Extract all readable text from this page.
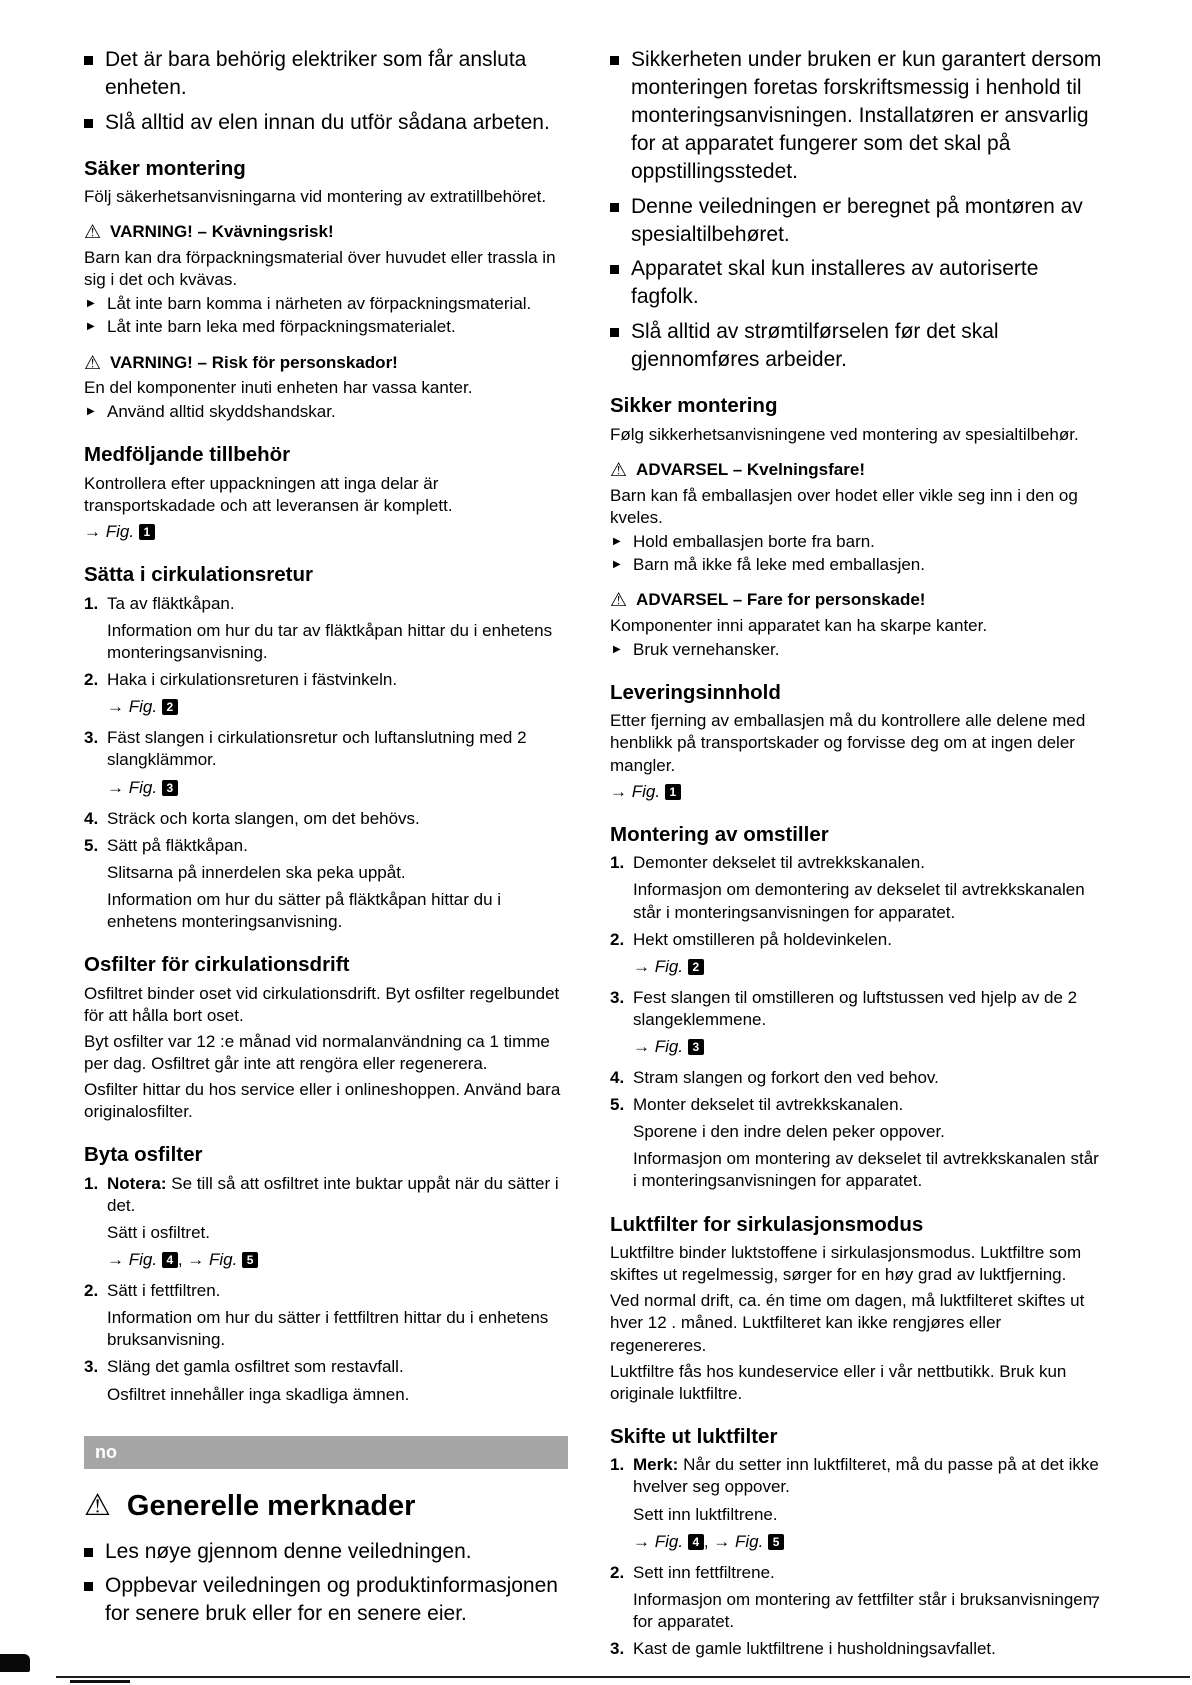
Det är bara behörig elektriker som får ansluta enheten.
Slå alltid av elen innan du utför sådana arbeten.
Säker montering
Följ säkerhetsanvisningarna vid montering av extratillbehöret.
⚠ VARNING! – Kvävningsrisk!
Barn kan dra förpackningsmaterial över huvudet eller trassla in sig i det och kvävas.
▶ Låt inte barn komma i närheten av förpackningsmaterial.
▶ Låt inte barn leka med förpackningsmaterialet.
⚠ VARNING! – Risk för personskador!
En del komponenter inuti enheten har vassa kanter.
▶ Använd alltid skyddshandskar.
Medföljande tillbehör
Kontrollera efter uppackningen att inga delar är transportskadade och att leveransen är komplett.
→ Fig. 1
Sätta i cirkulationsretur
1. Ta av fläktkåpan.
Information om hur du tar av fläktkåpan hittar du i enhetens monteringsanvisning.
2. Haka i cirkulationsreturen i fästvinkeln.
→ Fig. 2
3. Fäst slangen i cirkulationsretur och luftanslutning med 2 slangklämmor.
→ Fig. 3
4. Sträck och korta slangen, om det behövs.
5. Sätt på fläktkåpan.
Slitsarna på innerdelen ska peka uppåt.
Information om hur du sätter på fläktkåpan hittar du i enhetens monteringsanvisning.
Osfilter för cirkulationsdrift
Osfiltret binder oset vid cirkulationsdrift. Byt osfilter regelbundet för att hålla bort oset.
Byt osfilter var 12 :e månad vid normalanvändning ca 1 timme per dag. Osfiltret går inte att rengöra eller regenerera.
Osfilter hittar du hos service eller i onlineshoppen. Använd bara originalosfilter.
Byta osfilter
1. Notera: Se till så att osfiltret inte buktar uppåt när du sätter i det.
Sätt i osfiltret.
→ Fig. 4 , → Fig. 5
2. Sätt i fettfiltren.
Information om hur du sätter i fettfiltren hittar du i enhetens bruksanvisning.
3. Släng det gamla osfiltret som restavfall.
Osfiltret innehåller inga skadliga ämnen.
no
⚠ Generelle merknader
Les nøye gjennom denne veiledningen.
Oppbevar veiledningen og produktinformasjonen for senere bruk eller for en senere eier.
Sikkerheten under bruken er kun garantert dersom monteringen foretas forskriftsmessig i henhold til monteringsanvisningen. Installatøren er ansvarlig for at apparatet fungerer som det skal på oppstillingsstedet.
Denne veiledningen er beregnet på montøren av spesialtilbehøret.
Apparatet skal kun installeres av autoriserte fagfolk.
Slå alltid av strømtilførselen før det skal gjennomføres arbeider.
Sikker montering
Følg sikkerhetsanvisningene ved montering av spesialtilbehør.
⚠ ADVARSEL – Kvelningsfare!
Barn kan få emballasjen over hodet eller vikle seg inn i den og kveles.
▶ Hold emballasjen borte fra barn.
▶ Barn må ikke få leke med emballasjen.
⚠ ADVARSEL – Fare for personskade!
Komponenter inni apparatet kan ha skarpe kanter.
▶ Bruk vernehansker.
Leveringsinnhold
Etter fjerning av emballasjen må du kontrollere alle delene med henblikk på transportskader og forvisse deg om at ingen deler mangler.
→ Fig. 1
Montering av omstiller
1. Demonter dekselet til avtrekkskanalen.
Informasjon om demontering av dekselet til avtrekkskanalen står i monteringsanvisningen for apparatet.
2. Hekt omstilleren på holdevinkelen.
→ Fig. 2
3. Fest slangen til omstilleren og luftstussen ved hjelp av de 2 slangeklemmene.
→ Fig. 3
4. Stram slangen og forkort den ved behov.
5. Monter dekselet til avtrekkskanalen.
Sporene i den indre delen peker oppover.
Informasjon om montering av dekselet til avtrekkskanalen står i monteringsanvisningen for apparatet.
Luktfilter for sirkulasjonsmodus
Luktfiltre binder luktstoffene i sirkulasjonsmodus. Luktfiltre som skiftes ut regelmessig, sørger for en høy grad av luktfjerning.
Ved normal drift, ca. én time om dagen, må luktfilteret skiftes ut hver 12 . måned. Luktfilteret kan ikke rengjøres eller regenereres.
Luktfiltre fås hos kundeservice eller i vår nettbutikk. Bruk kun originale luktfiltre.
Skifte ut luktfilter
1. Merk: Når du setter inn luktfilteret, må du passe på at det ikke hvelver seg oppover.
Sett inn luktfiltrene.
→ Fig. 4 , → Fig. 5
2. Sett inn fettfiltrene.
Informasjon om montering av fettfilter står i bruksanvisningen for apparatet.
3. Kast de gamle luktfiltrene i husholdningsavfallet.
7
